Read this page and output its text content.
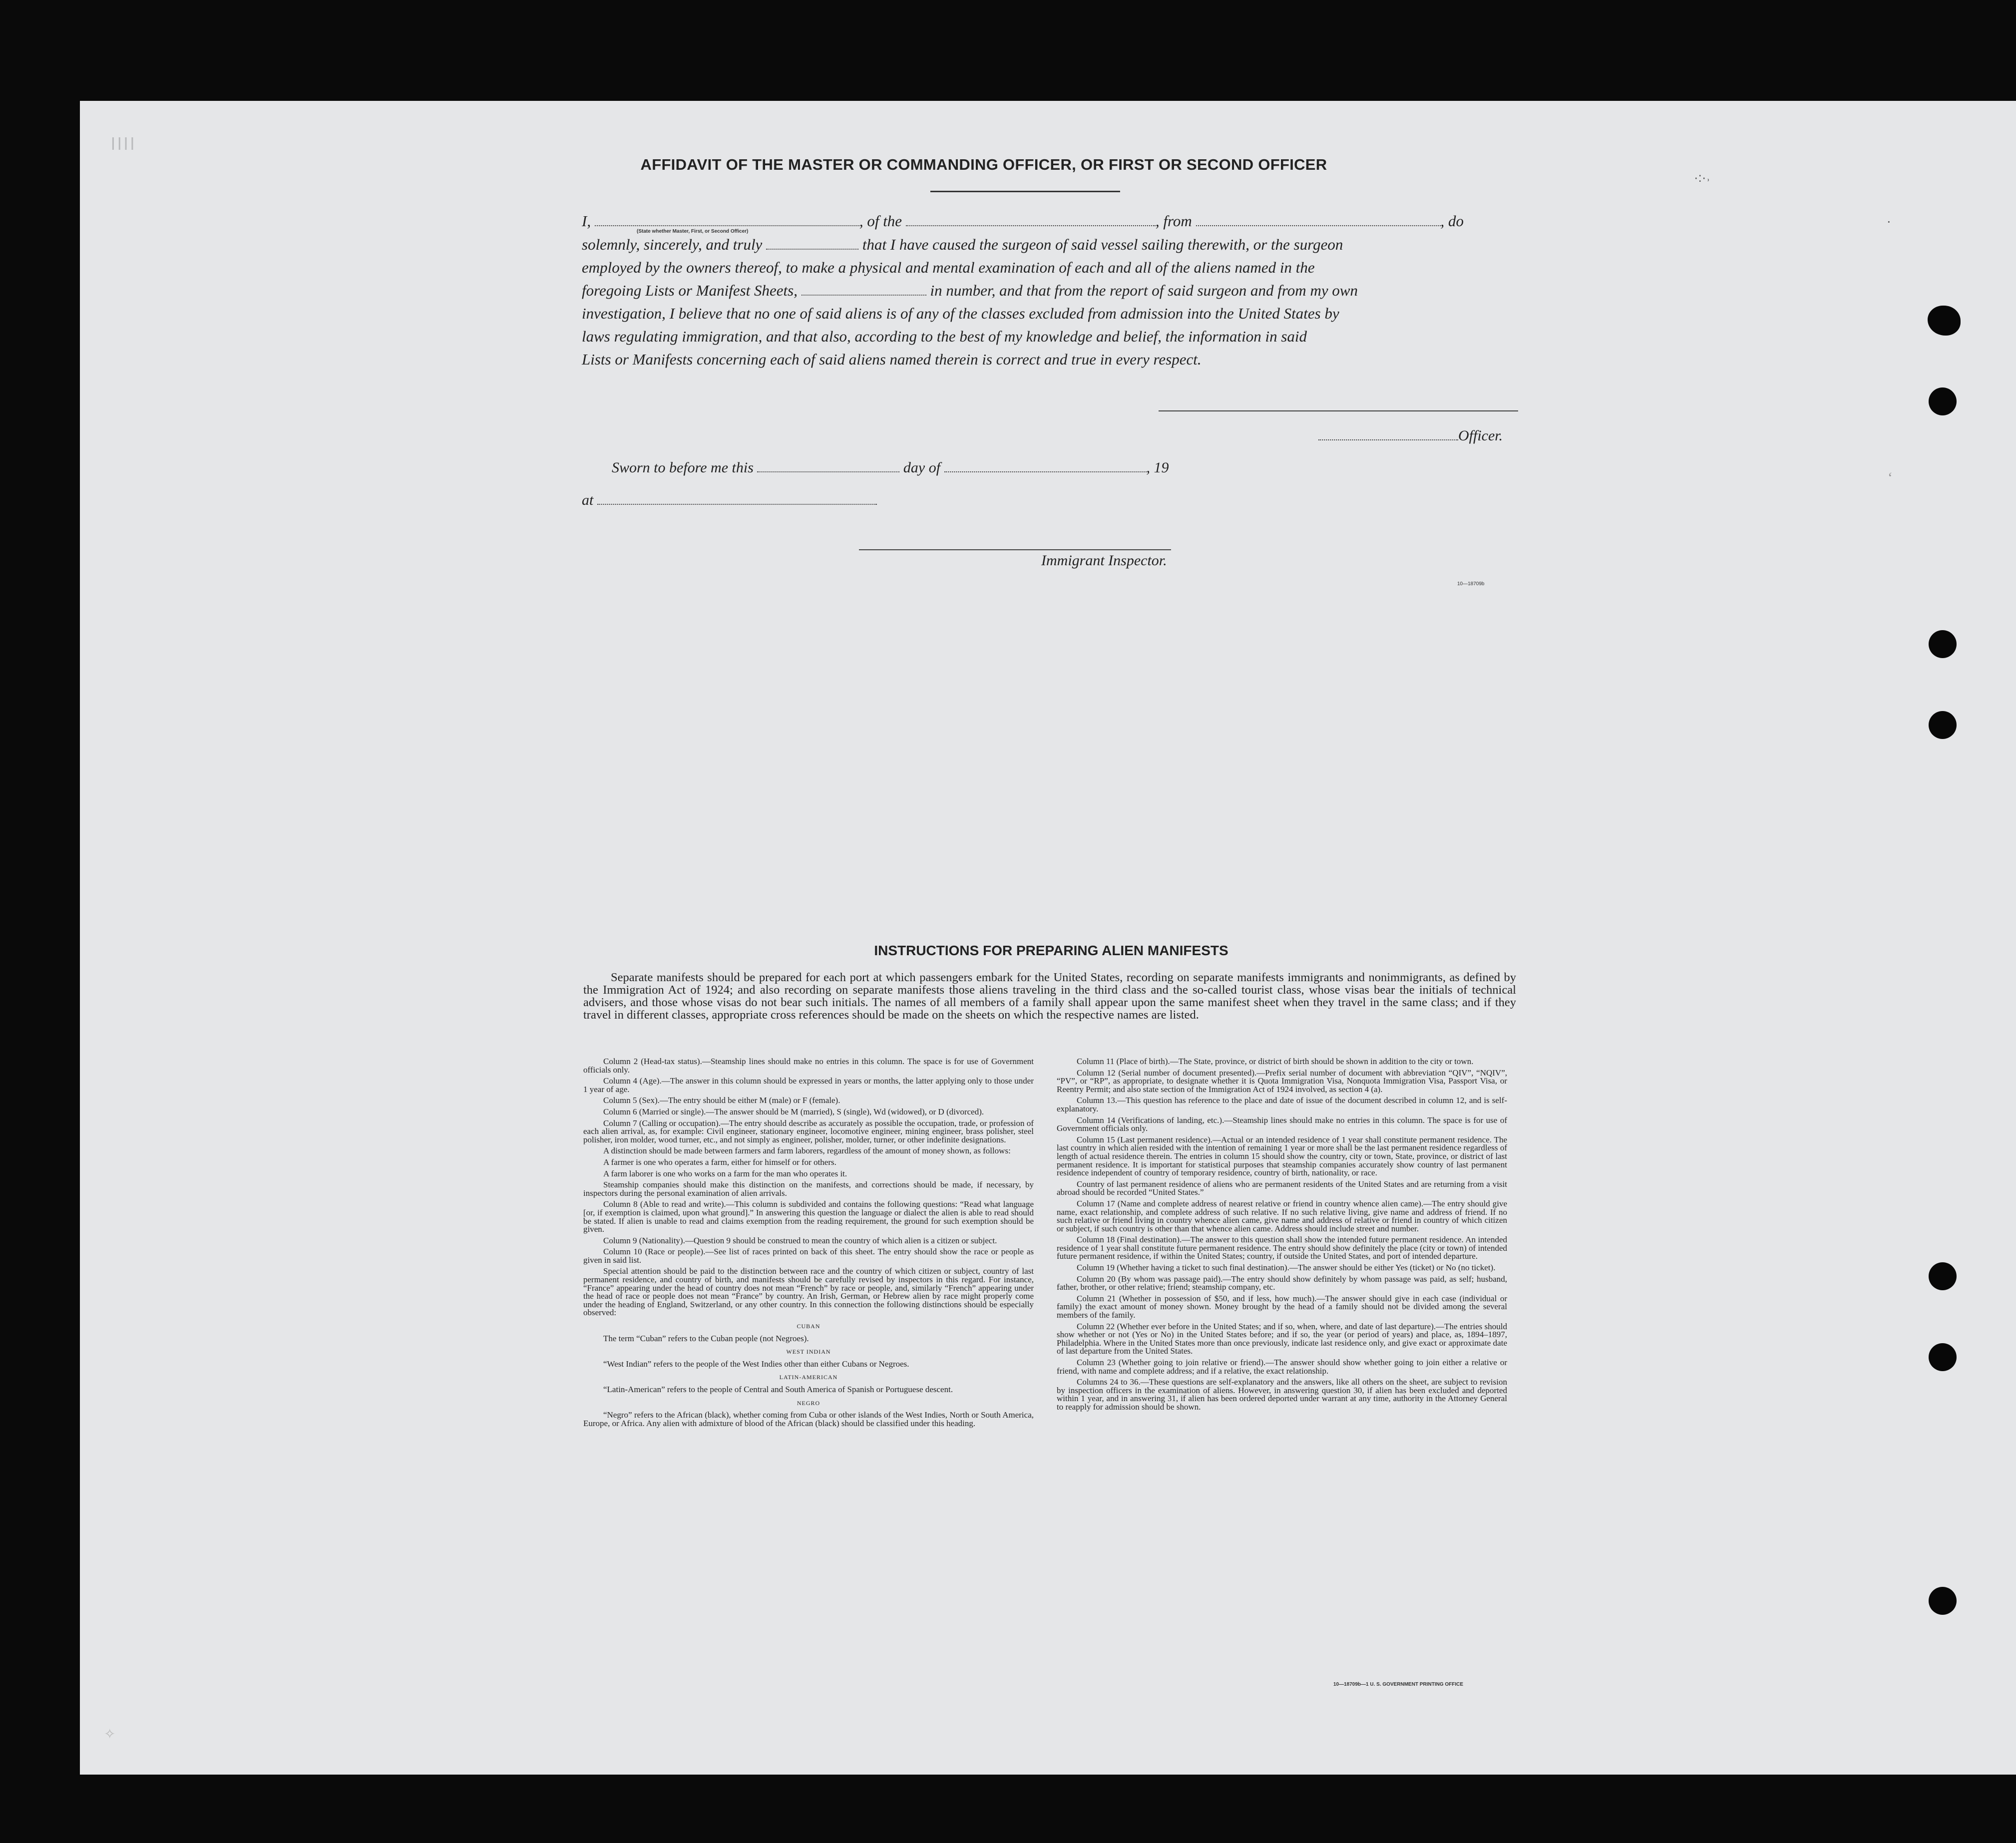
ǀǀǀǀ
·:·˒
·
ʻ
✧
AFFIDAVIT OF THE MASTER OR COMMANDING OFFICER, OR FIRST OR SECOND OFFICER
I,	, of the	, from	, do
(State whether Master, First, or Second Officer)
solemnly, sincerely, and truly	that I have caused the surgeon of said vessel sailing therewith, or the surgeon
employed by the owners thereof, to make a physical and mental examination of each and all of the aliens named in the
foregoing Lists or Manifest Sheets,	in number, and that from the report of said surgeon and from my own
investigation, I believe that no one of said aliens is of any of the classes excluded from admission into the United States by
laws regulating immigration, and that also, according to the best of my knowledge and belief, the information in said
Lists or Manifests concerning each of said aliens named therein is correct and true in every respect.
Officer.
Sworn to before me this	day of	, 19
at
Immigrant Inspector.
10—18709b
INSTRUCTIONS FOR PREPARING ALIEN MANIFESTS
Separate manifests should be prepared for each port at which passengers embark for the United States, recording on separate manifests immigrants and nonimmigrants, as defined by the Immigration Act of 1924; and also recording on separate manifests those aliens traveling in the third class and the so-called tourist class, whose visas bear the initials of technical advisers, and those whose visas do not bear such initials. The names of all members of a family shall appear upon the same manifest sheet when they travel in the same class; and if they travel in different classes, appropriate cross references should be made on the sheets on which the respective names are listed.

Column 2 (Head-tax status).—Steamship lines should make no entries in this column. The space is for use of Government officials only.

Column 4 (Age).—The answer in this column should be expressed in years or months, the latter applying only to those under 1 year of age.

Column 5 (Sex).—The entry should be either M (male) or F (female).

Column 6 (Married or single).—The answer should be M (married), S (single), Wd (widowed), or D (divorced).

Column 7 (Calling or occupation).—The entry should describe as accurately as possible the occupation, trade, or profession of each alien arrival, as, for example: Civil engineer, stationary engineer, locomotive engineer, mining engineer, brass polisher, steel polisher, iron molder, wood turner, etc., and not simply as engineer, polisher, molder, turner, or other indefinite designations.

A distinction should be made between farmers and farm laborers, regardless of the amount of money shown, as follows:

A farmer is one who operates a farm, either for himself or for others.

A farm laborer is one who works on a farm for the man who operates it.

Steamship companies should make this distinction on the manifests, and corrections should be made, if necessary, by inspectors during the personal examination of alien arrivals.

Column 8 (Able to read and write).—This column is subdivided and contains the following questions: “Read what language [or, if exemption is claimed, upon what ground].” In answering this question the language or dialect the alien is able to read should be stated. If alien is unable to read and claims exemption from the reading requirement, the ground for such exemption should be given.

Column 9 (Nationality).—Question 9 should be construed to mean the country of which alien is a citizen or subject.

Column 10 (Race or people).—See list of races printed on back of this sheet. The entry should show the race or people as given in said list.

Special attention should be paid to the distinction between race and the country of which citizen or subject, country of last permanent residence, and country of birth, and manifests should be carefully revised by inspectors in this regard. For instance, “France” appearing under the head of country does not mean “French” by race or people, and, similarly “French” appearing under the head of race or people does not mean “France” by country. An Irish, German, or Hebrew alien by race might properly come under the heading of England, Switzerland, or any other country. In this connection the following distinctions should be especially observed:

CUBAN

The term “Cuban” refers to the Cuban people (not Negroes).

WEST INDIAN

“West Indian” refers to the people of the West Indies other than either Cubans or Negroes.

LATIN-AMERICAN

“Latin-American” refers to the people of Central and South America of Spanish or Portuguese descent.

NEGRO

“Negro” refers to the African (black), whether coming from Cuba or other islands of the West Indies, North or South America, Europe, or Africa. Any alien with admixture of blood of the African (black) should be classified under this heading.

Column 11 (Place of birth).—The State, province, or district of birth should be shown in addition to the city or town.

Column 12 (Serial number of document presented).—Prefix serial number of document with abbreviation “QIV”, “NQIV”, “PV”, or “RP”, as appropriate, to designate whether it is Quota Immigration Visa, Nonquota Immigration Visa, Passport Visa, or Reentry Permit; and also state section of the Immigration Act of 1924 involved, as section 4 (a).

Column 13.—This question has reference to the place and date of issue of the document described in column 12, and is self-explanatory.

Column 14 (Verifications of landing, etc.).—Steamship lines should make no entries in this column. The space is for use of Government officials only.

Column 15 (Last permanent residence).—Actual or an intended residence of 1 year shall constitute permanent residence. The last country in which alien resided with the intention of remaining 1 year or more shall be the last permanent residence regardless of length of actual residence therein. The entries in column 15 should show the country, city or town, State, province, or district of last permanent residence. It is important for statistical purposes that steamship companies accurately show country of last permanent residence independent of country of temporary residence, country of birth, nationality, or race.

Country of last permanent residence of aliens who are permanent residents of the United States and are returning from a visit abroad should be recorded “United States.”

Column 17 (Name and complete address of nearest relative or friend in country whence alien came).—The entry should give name, exact relationship, and complete address of such relative. If no such relative living, give name and address of friend. If no such relative or friend living in country whence alien came, give name and address of relative or friend in country of which citizen or subject, if such country is other than that whence alien came. Address should include street and number.

Column 18 (Final destination).—The answer to this question shall show the intended future permanent residence. An intended residence of 1 year shall constitute future permanent residence. The entry should show definitely the place (city or town) of intended future permanent residence, if within the United States; country, if outside the United States, and port of intended departure.

Column 19 (Whether having a ticket to such final destination).—The answer should be either Yes (ticket) or No (no ticket).

Column 20 (By whom was passage paid).—The entry should show definitely by whom passage was paid, as self; husband, father, brother, or other relative; friend; steamship company, etc.

Column 21 (Whether in possession of $50, and if less, how much).—The answer should give in each case (individual or family) the exact amount of money shown. Money brought by the head of a family should not be divided among the several members of the family.

Column 22 (Whether ever before in the United States; and if so, when, where, and date of last departure).—The entries should show whether or not (Yes or No) in the United States before; and if so, the year (or period of years) and place, as, 1894–1897, Philadelphia. Where in the United States more than once previously, indicate last residence only, and give exact or approximate date of last departure from the United States.

Column 23 (Whether going to join relative or friend).—The answer should show whether going to join either a relative or friend, with name and complete address; and if a relative, the exact relationship.

Columns 24 to 36.—These questions are self-explanatory and the answers, like all others on the sheet, are subject to revision by inspection officers in the examination of aliens. However, in answering question 30, if alien has been excluded and deported within 1 year, and in answering 31, if alien has been ordered deported under warrant at any time, authority in the Attorney General to reapply for admission should be shown.

10—18709b—1 U. S. GOVERNMENT PRINTING OFFICE
